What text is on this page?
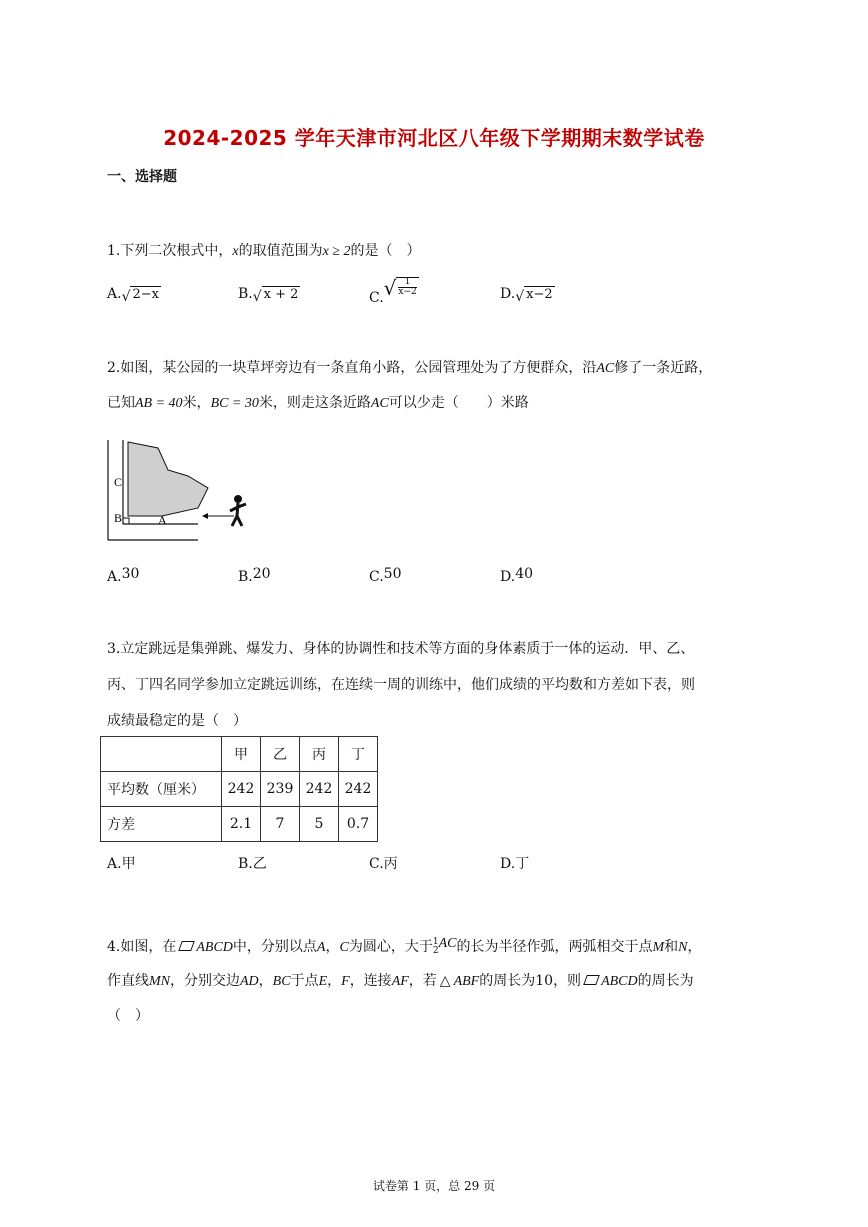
2024-2025 学年天津市河北区八年级下学期期末数学试卷
一、选择题
1.下列二次根式中，x的取值范围为x ≥ 2的是（　）
A.√ 2−x	B.√ x + 2	$C.√ \frac{1}{x-2}$	D.√ x−2
2.如图，某公园的一块草坪旁边有一条直角小路，公园管理处为了方便群众，沿AC修了一条近路，
已知AB = 40米，BC = 30米，则走这条近路AC可以少走（　　）米路
C
B	A
A.30	B.20	C.50	D.40
3.立定跳远是集弹跳、爆发力、身体的协调性和技术等方面的身体素质于一体的运动．甲、乙、
丙、丁四名同学参加立定跳远训练，在连续一周的训练中，他们成绩的平均数和方差如下表，则
成绩最稳定的是（　）
	甲	乙	丙	丁
平均数（厘米）	242	239	242	242
方差	2.1	7	5	0.7
A.甲	B.乙	C.丙	D.丁
4.如图，在 ABCD中，分别以点A，C为圆心，大于 1
2 AC的长为半径作弧，两弧相交于点M和N，
作直线MN，分别交边AD，BC于点E，F，连接AF，若 △ ABF的周长为10，则 ABCD的周长为
（　）
试卷第 1 页，总 29 页
